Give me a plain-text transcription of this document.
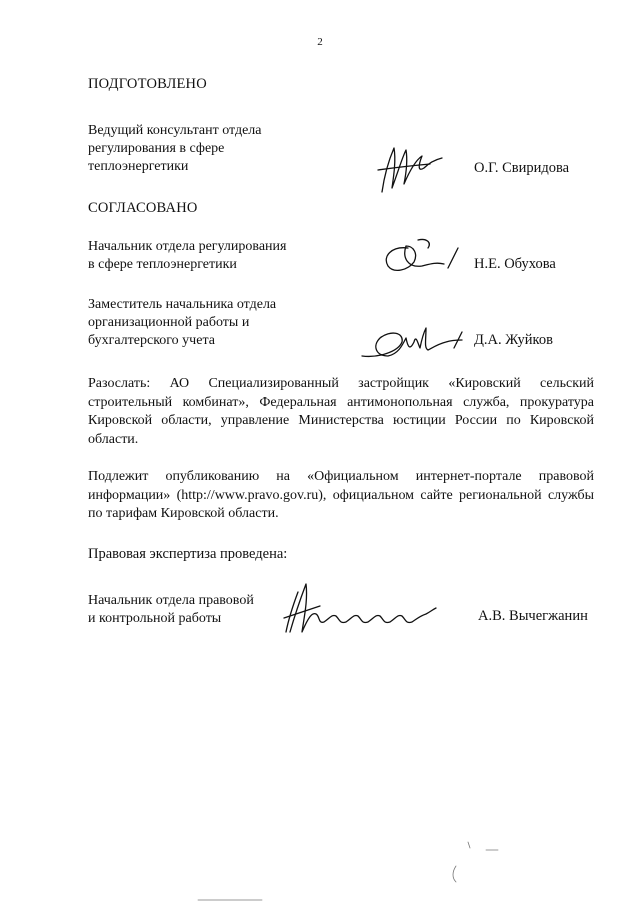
2
ПОДГОТОВЛЕНО
Ведущий консультант отдела
регулирования в сфере
теплоэнергетики	О.Г. Свиридова
СОГЛАСОВАНО
Начальник отдела регулирования
в сфере теплоэнергетики	Н.Е. Обухова
Заместитель начальника отдела
организационной работы и
бухгалтерского учета	Д.А. Жуйков
Разослать: АО Специализированный застройщик «Кировский сельский строительный комбинат», Федеральная антимонопольная служба, прокуратура Кировской области, управление Министерства юстиции России по Кировской области.
Подлежит опубликованию на «Официальном интернет-портале правовой информации» (http://www.pravo.gov.ru), официальном сайте региональной службы по тарифам Кировской области.
Правовая экспертиза проведена:
Начальник отдела правовой
и контрольной работы	А.В. Вычегжанин
